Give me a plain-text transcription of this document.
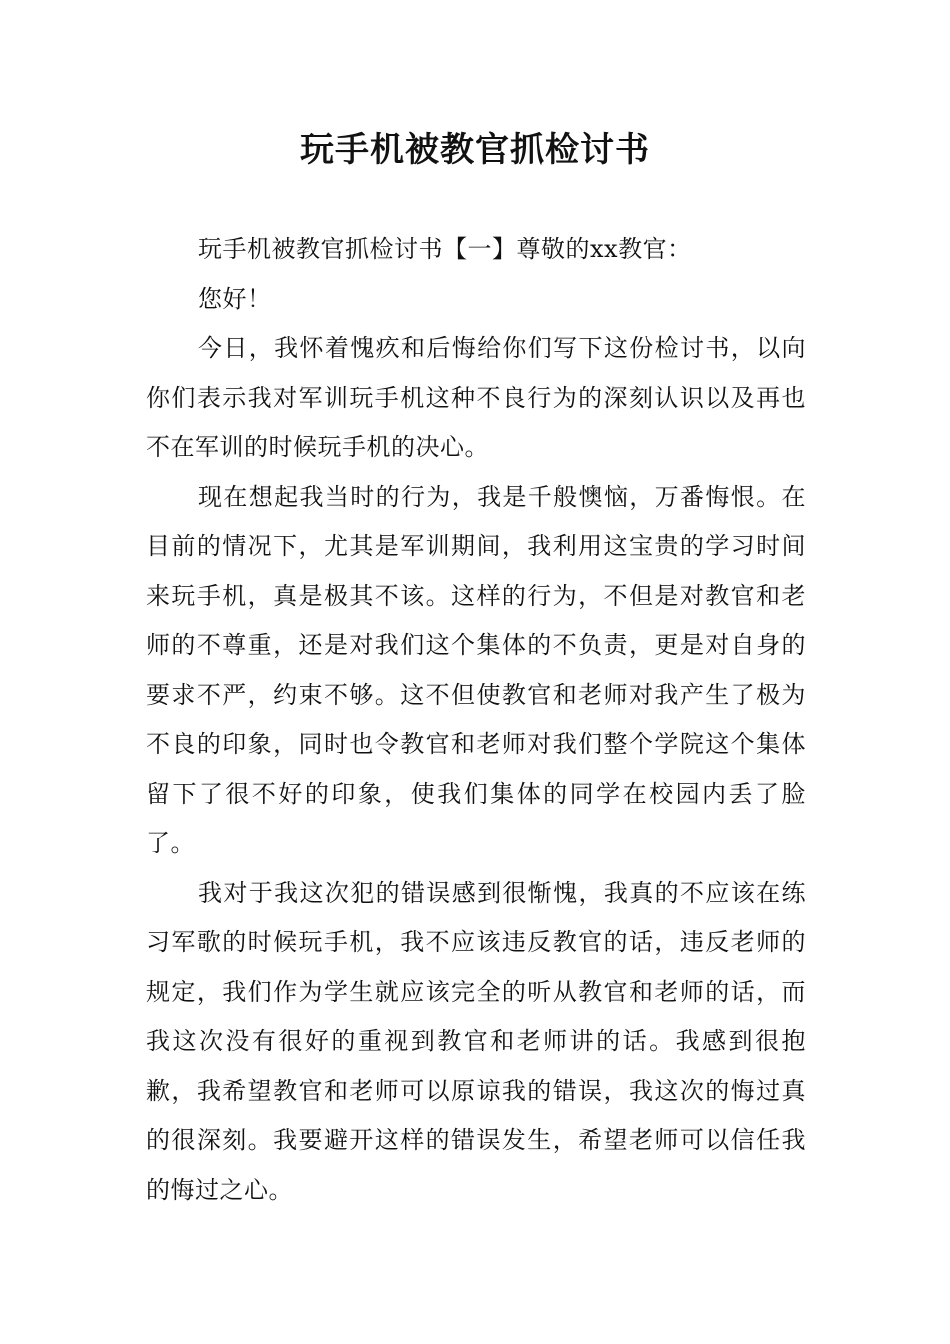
玩手机被教官抓检讨书

玩手机被教官抓检讨书【一】尊敬的xx教官：

您好！

今日，我怀着愧疚和后悔给你们写下这份检讨书，以向你们表示我对军训玩手机这种不良行为的深刻认识以及再也不在军训的时候玩手机的决心。

现在想起我当时的行为，我是千般懊恼，万番悔恨。在目前的情况下，尤其是军训期间，我利用这宝贵的学习时间来玩手机，真是极其不该。这样的行为，不但是对教官和老师的不尊重，还是对我们这个集体的不负责，更是对自身的要求不严，约束不够。这不但使教官和老师对我产生了极为不良的印象，同时也令教官和老师对我们整个学院这个集体留下了很不好的印象，使我们集体的同学在校园内丢了脸了。

我对于我这次犯的错误感到很惭愧，我真的不应该在练习军歌的时候玩手机，我不应该违反教官的话，违反老师的规定，我们作为学生就应该完全的听从教官和老师的话，而我这次没有很好的重视到教官和老师讲的话。我感到很抱歉，我希望教官和老师可以原谅我的错误，我这次的悔过真的很深刻。我要避开这样的错误发生，希望老师可以信任我的悔过之心。
